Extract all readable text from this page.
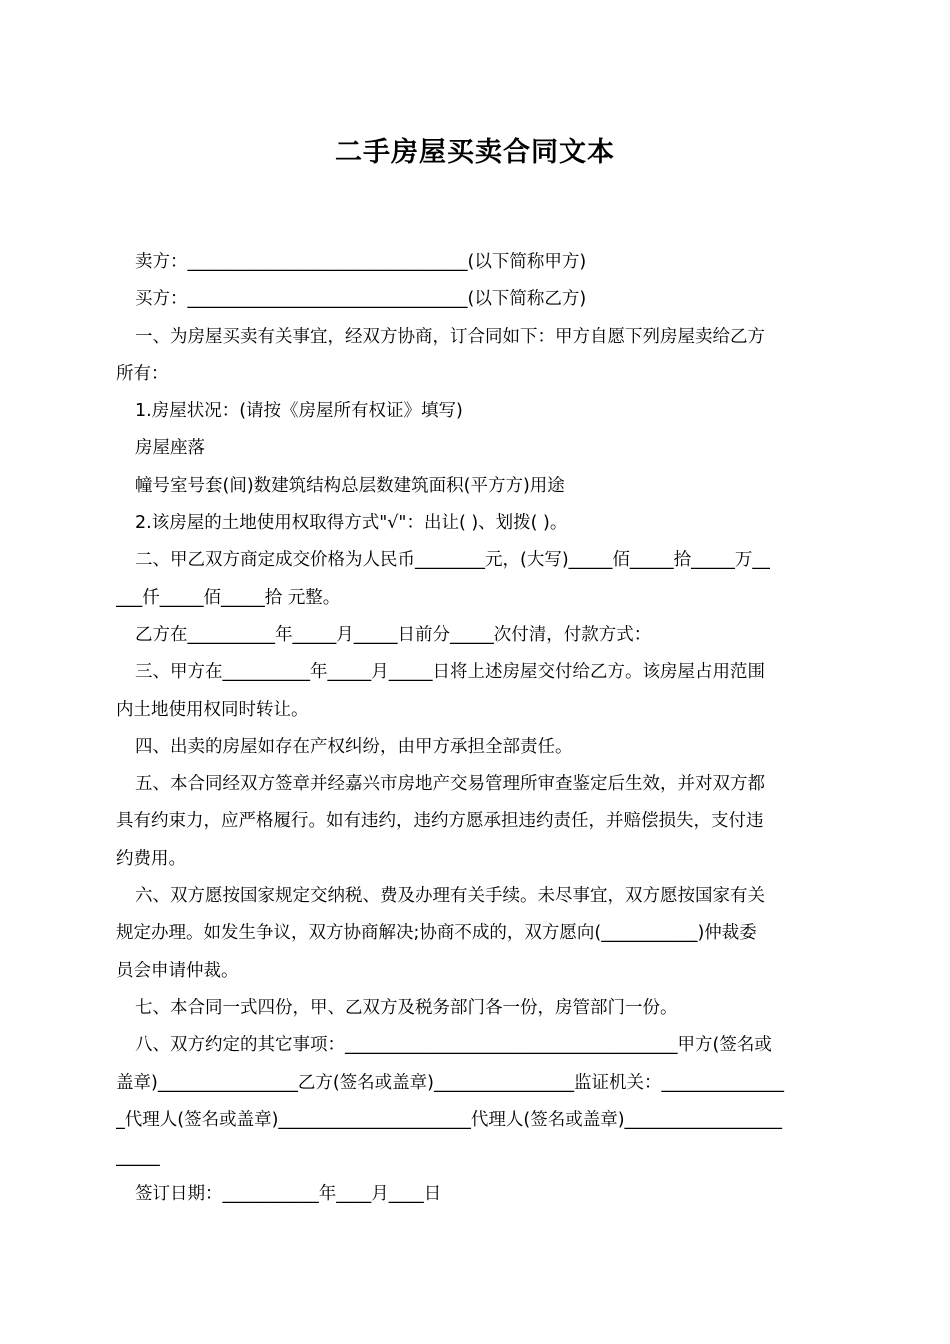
二手房屋买卖合同文本
卖方：________________________________(以下简称甲方)
买方：________________________________(以下简称乙方)
一、为房屋买卖有关事宜，经双方协商，订合同如下：甲方自愿下列房屋卖给乙方
所有：
1.房屋状况：(请按《房屋所有权证》填写)
房屋座落
幢号室号套(间)数建筑结构总层数建筑面积(平方方)用途
2.该房屋的土地使用权取得方式"√"：出让( )、划拨( )。
二、甲乙双方商定成交价格为人民币________元，(大写)_____佰_____拾_____万__
___仟_____佰_____拾 元整。
乙方在__________年_____月_____日前分_____次付清，付款方式：
三、甲方在__________年_____月_____日将上述房屋交付给乙方。该房屋占用范围
内土地使用权同时转让。
四、出卖的房屋如存在产权纠纷，由甲方承担全部责任。
五、本合同经双方签章并经嘉兴市房地产交易管理所审查鉴定后生效，并对双方都
具有约束力，应严格履行。如有违约，违约方愿承担违约责任，并赔偿损失，支付违
约费用。
六、双方愿按国家规定交纳税、费及办理有关手续。未尽事宜，双方愿按国家有关
规定办理。如发生争议，双方协商解决;协商不成的，双方愿向(___________)仲裁委
员会申请仲裁。
七、本合同一式四份，甲、乙双方及税务部门各一份，房管部门一份。
八、双方约定的其它事项：______________________________________甲方(签名或
盖章)________________乙方(签名或盖章)________________监证机关：______________
_代理人(签名或盖章)______________________代理人(签名或盖章)__________________
_____
签订日期：___________年____月____日
